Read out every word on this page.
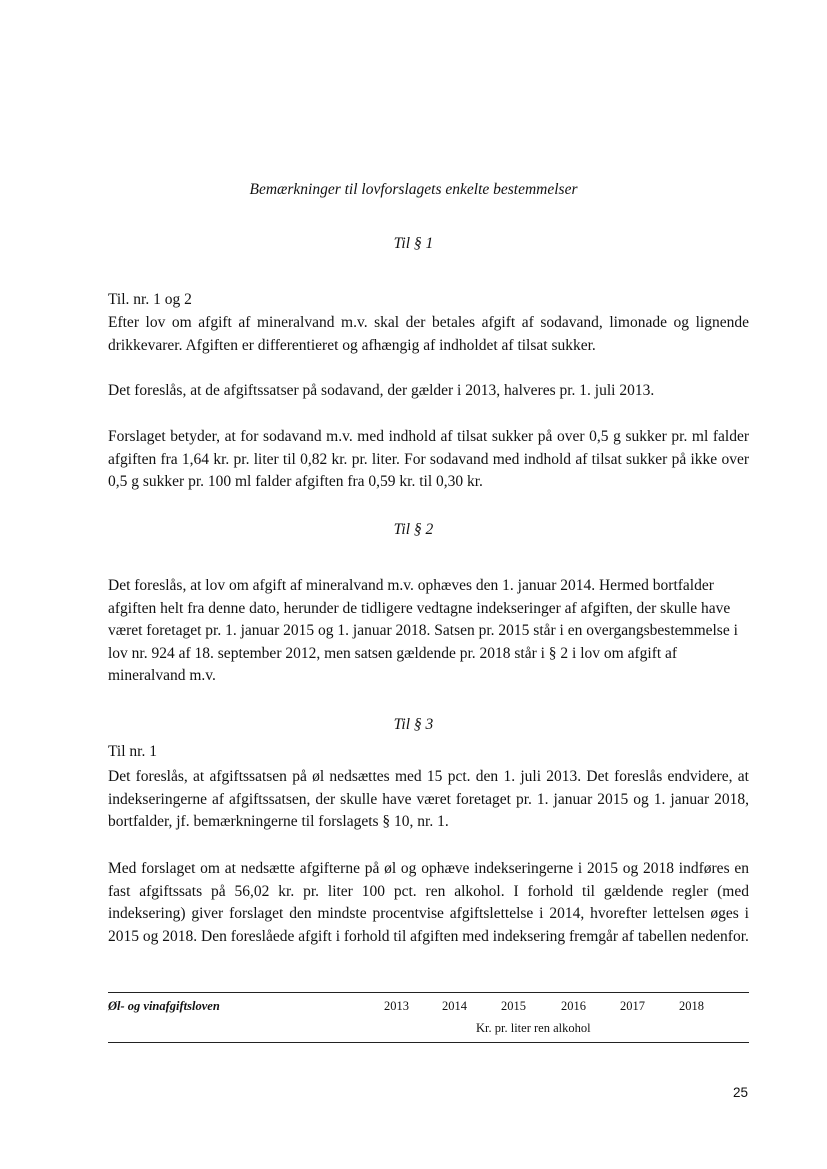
Bemærkninger til lovforslagets enkelte bestemmelser
Til § 1

Til. nr. 1 og 2

Efter lov om afgift af mineralvand m.v. skal der betales afgift af sodavand, limonade og lignende drikkevarer. Afgiften er differentieret og afhængig af indholdet af tilsat sukker.

Det foreslås, at de afgiftssatser på sodavand, der gælder i 2013, halveres pr. 1. juli 2013.

Forslaget betyder, at for sodavand m.v. med indhold af tilsat sukker på over 0,5 g sukker pr. ml falder afgiften fra 1,64 kr. pr. liter til 0,82 kr. pr. liter. For sodavand med indhold af tilsat sukker på ikke over 0,5 g sukker pr. 100 ml falder afgiften fra 0,59 kr. til 0,30 kr.

Til § 2

Det foreslås, at lov om afgift af mineralvand m.v. ophæves den 1. januar 2014. Hermed bortfalder afgiften helt fra denne dato, herunder de tidligere vedtagne indekseringer af afgiften, der skulle have været foretaget pr. 1. januar 2015 og 1. januar 2018. Satsen pr. 2015 står i en overgangsbestemmelse i lov nr. 924 af 18. september 2012, men satsen gældende pr. 2018 står i § 2 i lov om afgift af mineralvand m.v.

Til § 3

Til nr. 1

Det foreslås, at afgiftssatsen på øl nedsættes med 15 pct. den 1. juli 2013. Det foreslås endvidere, at indekseringerne af afgiftssatsen, der skulle have været foretaget pr. 1. januar 2015 og 1. januar 2018, bortfalder, jf. bemærkningerne til forslagets § 10, nr. 1.

Med forslaget om at nedsætte afgifterne på øl og ophæve indekseringerne i 2015 og 2018 indføres en fast afgiftssats på 56,02 kr. pr. liter 100 pct. ren alkohol. I forhold til gældende regler (med indeksering) giver forslaget den mindste procentvise afgiftslettelse i 2014, hvorefter lettelsen øges i 2015 og 2018. Den foreslåede afgift i forhold til afgiften med indeksering fremgår af tabellen nedenfor.

Øl- og vinafgiftsloven	2013	2014	2015	2016	2017	2018
Kr. pr. liter ren alkohol
25
